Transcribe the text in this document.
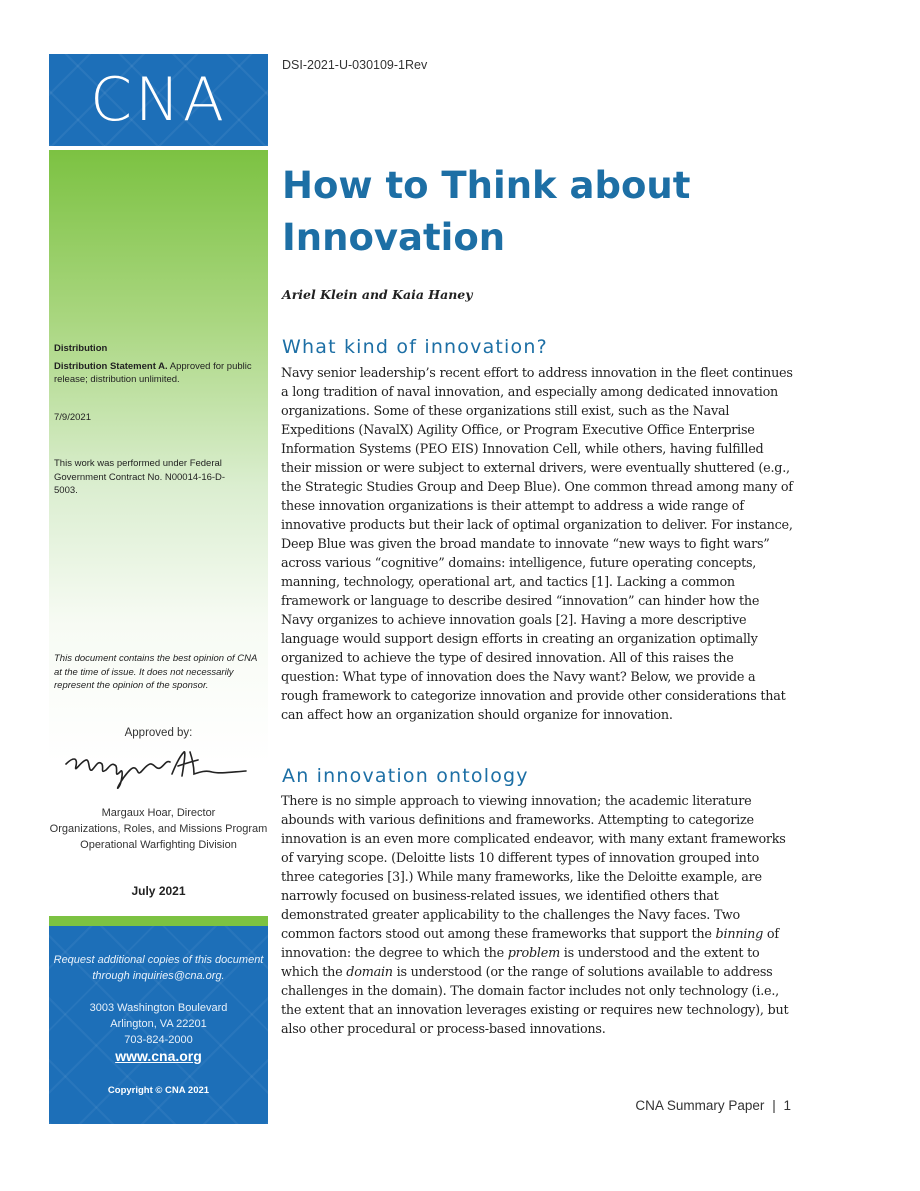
CNA
Distribution
Distribution Statement A. Approved for public release; distribution unlimited.
7/9/2021
This work was performed under Federal Government Contract No. N00014-16-D-5003.
This document contains the best opinion of CNA at the time of issue. It does not necessarily represent the opinion of the sponsor.
Approved by:
Margaux Hoar, Director
Organizations, Roles, and Missions Program
Operational Warfighting Division
July 2021
Request additional copies of this document through inquiries@cna.org.
3003 Washington Boulevard
Arlington, VA 22201
703-824-2000
www.cna.org
Copyright © CNA 2021
DSI-2021-U-030109-1Rev
How to Think about Innovation
Ariel Klein and Kaia Haney
What kind of innovation?

Navy senior leadership’s recent effort to address innovation in the fleet continues a long tradition of naval innovation, and especially among dedicated innovation organizations. Some of these organizations still exist, such as the Naval Expeditions (NavalX) Agility Office, or Program Executive Office Enterprise Information Systems (PEO EIS) Innovation Cell, while others, having fulfilled their mission or were subject to external drivers, were eventually shuttered (e.g., the Strategic Studies Group and Deep Blue). One common thread among many of these innovation organizations is their attempt to address a wide range of innovative products but their lack of optimal organization to deliver. For instance, Deep Blue was given the broad mandate to innovate “new ways to fight wars” across various “cognitive” domains: intelligence, future operating concepts, manning, technology, operational art, and tactics [1]. Lacking a common framework or language to describe desired “innovation” can hinder how the Navy organizes to achieve innovation goals [2]. Having a more descriptive language would support design efforts in creating an organization optimally organized to achieve the type of desired innovation. All of this raises the question: What type of innovation does the Navy want? Below, we provide a rough framework to categorize innovation and provide other considerations that can affect how an organization should organize for innovation.

An innovation ontology

There is no simple approach to viewing innovation; the academic literature abounds with various definitions and frameworks. Attempting to categorize innovation is an even more complicated endeavor, with many extant frameworks of varying scope. (Deloitte lists 10 different types of innovation grouped into three categories [3].) While many frameworks, like the Deloitte example, are narrowly focused on business-related issues, we identified others that demonstrated greater applicability to the challenges the Navy faces. Two common factors stood out among these frameworks that support the binning of innovation: the degree to which the problem is understood and the extent to which the domain is understood (or the range of solutions available to address challenges in the domain). The domain factor includes not only technology (i.e., the extent that an innovation leverages existing or requires new technology), but also other procedural or process-based innovations.

CNA Summary Paper | 1
